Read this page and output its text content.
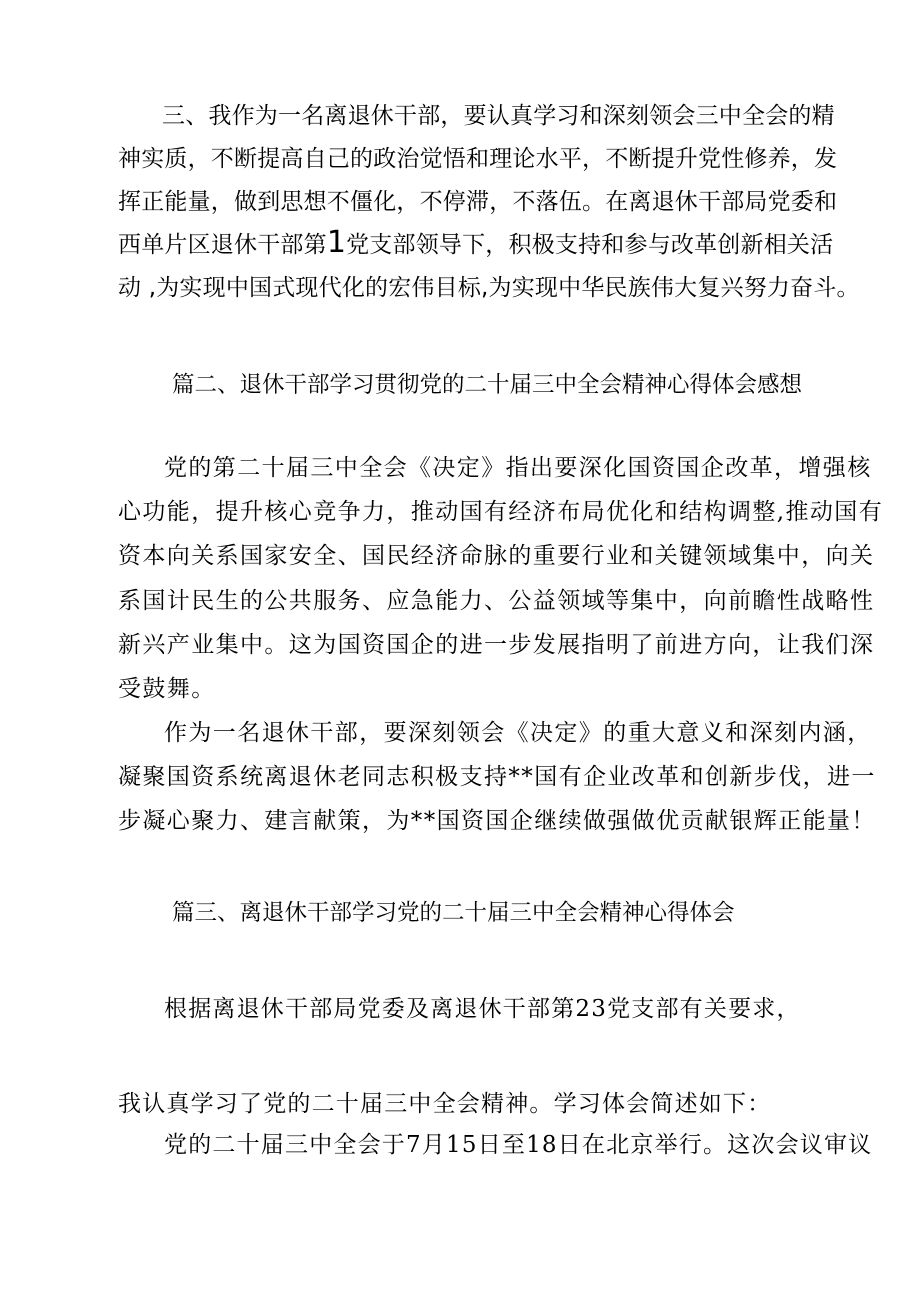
三、我作为一名离退休干部，要认真学习和深刻领会三中全会的精
神实质，不断提高自己的政治觉悟和理论水平，不断提升党性修养，发
挥正能量，做到思想不僵化，不停滞，不落伍。在离退休干部局党委和
西单片区退休干部第1党支部领导下，积极支持和参与改革创新相关活
动 ,为实现中国式现代化的宏伟目标,为实现中华民族伟大复兴努力奋斗。
篇二、退休干部学习贯彻党的二十届三中全会精神心得体会感想
党的第二十届三中全会《决定》指出要深化国资国企改革，增强核
心功能，提升核心竞争力，推动国有经济布局优化和结构调整,推动国有
资本向关系国家安全、国民经济命脉的重要行业和关键领域集中，向关
系国计民生的公共服务、应急能力、公益领域等集中，向前瞻性战略性
新兴产业集中。这为国资国企的进一步发展指明了前进方向，让我们深
受鼓舞。
作为一名退休干部，要深刻领会《决定》的重大意义和深刻内涵，
凝聚国资系统离退休老同志积极支持**国有企业改革和创新步伐，进一
步凝心聚力、建言献策，为**国资国企继续做强做优贡献银辉正能量！
篇三、离退休干部学习党的二十届三中全会精神心得体会
根据离退休干部局党委及离退休干部第23党支部有关要求，
我认真学习了党的二十届三中全会精神。学习体会简述如下：
党的二十届三中全会于7月15日至18日在北京举行。这次会议审议
